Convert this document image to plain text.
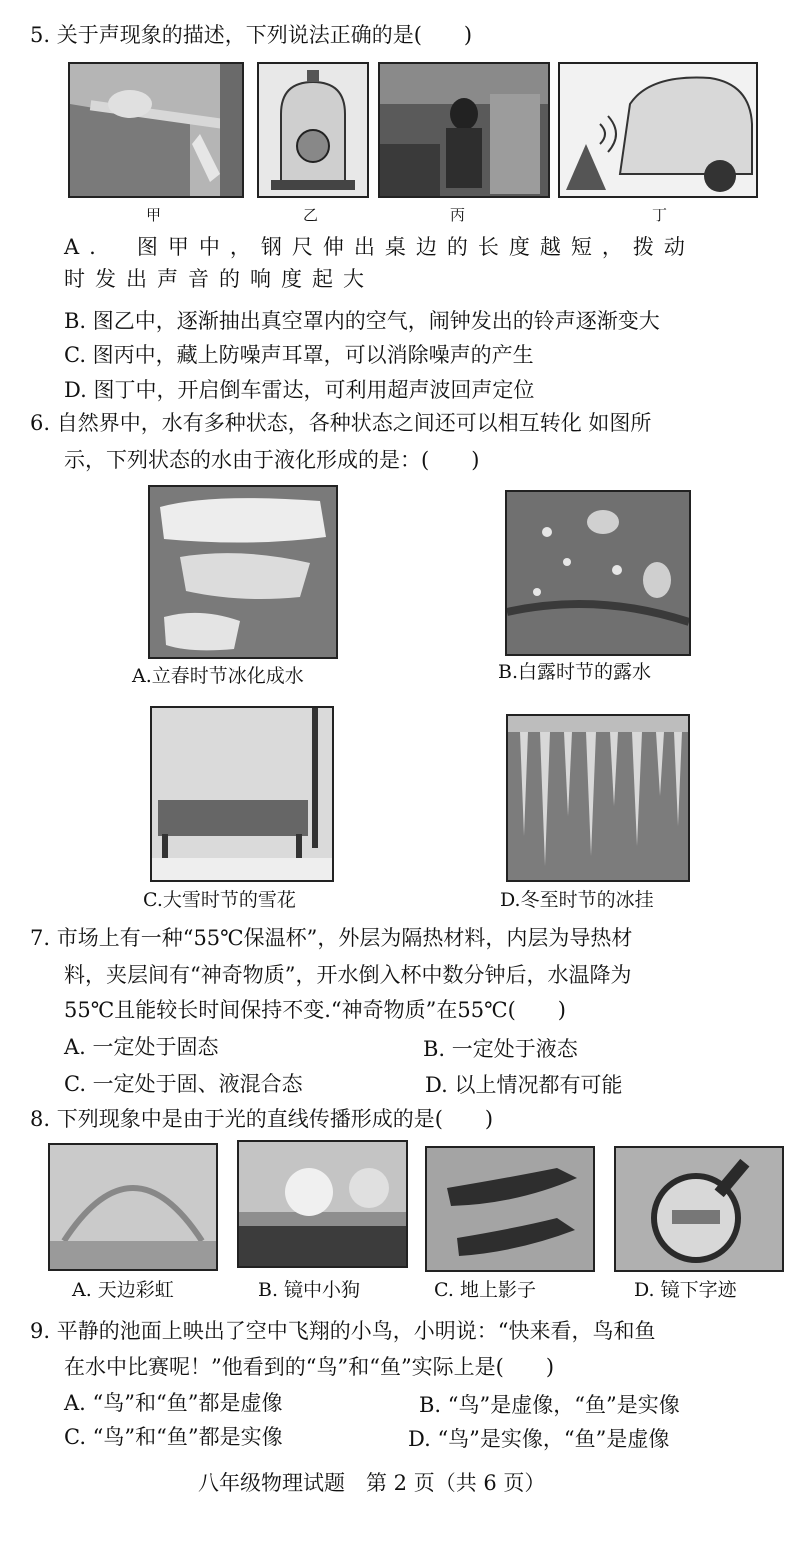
5. 关于声现象的描述，下列说法正确的是(　　)
甲	乙	丙	丁
A.　图甲中，钢尺伸出桌边的长度越短，拨动
时发出声音的响度起大
B. 图乙中，逐渐抽出真空罩内的空气，闹钟发出的铃声逐渐变大
C. 图丙中，藏上防噪声耳罩，可以消除噪声的产生
D. 图丁中，开启倒车雷达，可利用超声波回声定位
6. 自然界中，水有多种状态，各种状态之间还可以相互转化 如图所
示，下列状态的水由于液化形成的是：(　　)
A.立春时节冰化成水	B.白露时节的露水
C.大雪时节的雪花	D.冬至时节的冰挂
7. 市场上有一种“55℃保温杯”，外层为隔热材料，内层为导热材
料，夹层间有“神奇物质”，开水倒入杯中数分钟后，水温降为
55℃且能较长时间保持不变.“神奇物质”在55℃(　　)
A. 一定处于固态	B. 一定处于液态
C. 一定处于固、液混合态	D. 以上情况都有可能
8. 下列现象中是由于光的直线传播形成的是(　　)
A. 天边彩虹	B. 镜中小狗	C. 地上影子	D. 镜下字迹
9. 平静的池面上映出了空中飞翔的小鸟，小明说：“快来看，鸟和鱼
在水中比赛呢！”他看到的“鸟”和“鱼”实际上是(　　)
A. “鸟”和“鱼”都是虚像	B. “鸟”是虚像，“鱼”是实像
C. “鸟”和“鱼”都是实像	D. “鸟”是实像，“鱼”是虚像
八年级物理试题　第 2 页（共 6 页）
